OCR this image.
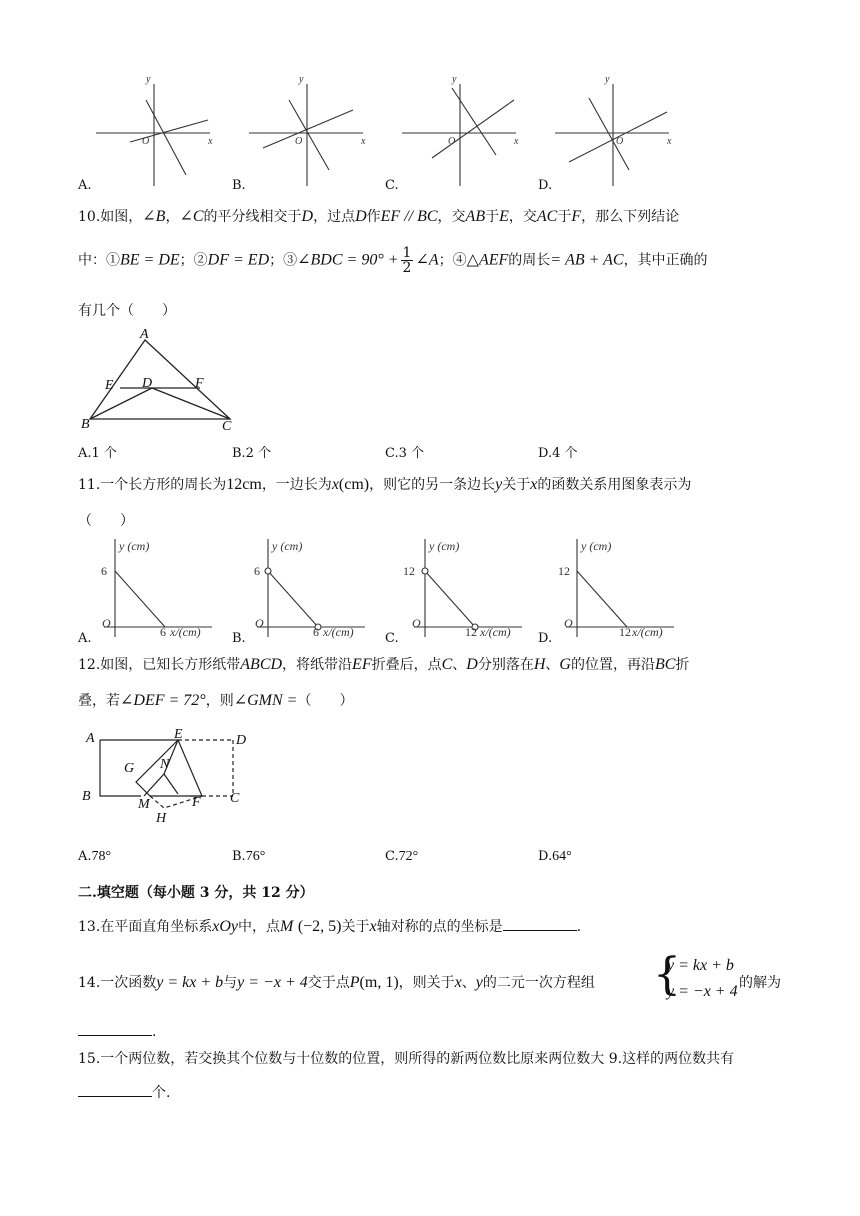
y
x
O
y
x
O
y
x
O
y
x
O
A.	B.	C.	D.
10.如图，∠B，∠C的平分线相交于D，过点D作EF // BC，交AB于E，交AC于F，那么下列结论
中：①BE = DE；②DF = ED；③∠BDC = $90^\circ + \frac{1}{2}$ ∠A；④△AEF的周长= AB + AC，其中正确的
有几个（　　）
A
E D	F
B	C
A.1 个	B.2 个	C.3 个	D.4 个
11.一个长方形的周长为12cm，一边长为x(cm)，则它的另一条边长y关于x的函数关系用图象表示为
（　　）
y (cm)
x/(cm)
O
6
6
y (cm)
x/(cm)
O
6
6
y (cm)
x/(cm)
O
12
12
y (cm)
x/(cm)
O
12
12
A.	B.	C.	D.
12.如图，已知长方形纸带ABCD，将纸带沿EF折叠后，点C、D分别落在H、G的位置，再沿BC折
叠，若∠DEF = 72°，则∠GMN =（　　）
A	E	D
G N
B
M	F C
H
A.78°	B.76°	C.72°	D.64°
二.填空题（每小题 3 分，共 12 分）
13.在平面直角坐标系xOy中，点M (−2, 5)关于x轴对称的点的坐标是	.
14.一次函数y = kx + b与y = −x + 4交于点P(m, 1)，则关于x、y的二元一次方程组 {
y = kx + b
y = −x + 4 的解为
.
15.一个两位数，若交换其个位数与十位数的位置，则所得的新两位数比原来两位数大 9.这样的两位数共有
个.
